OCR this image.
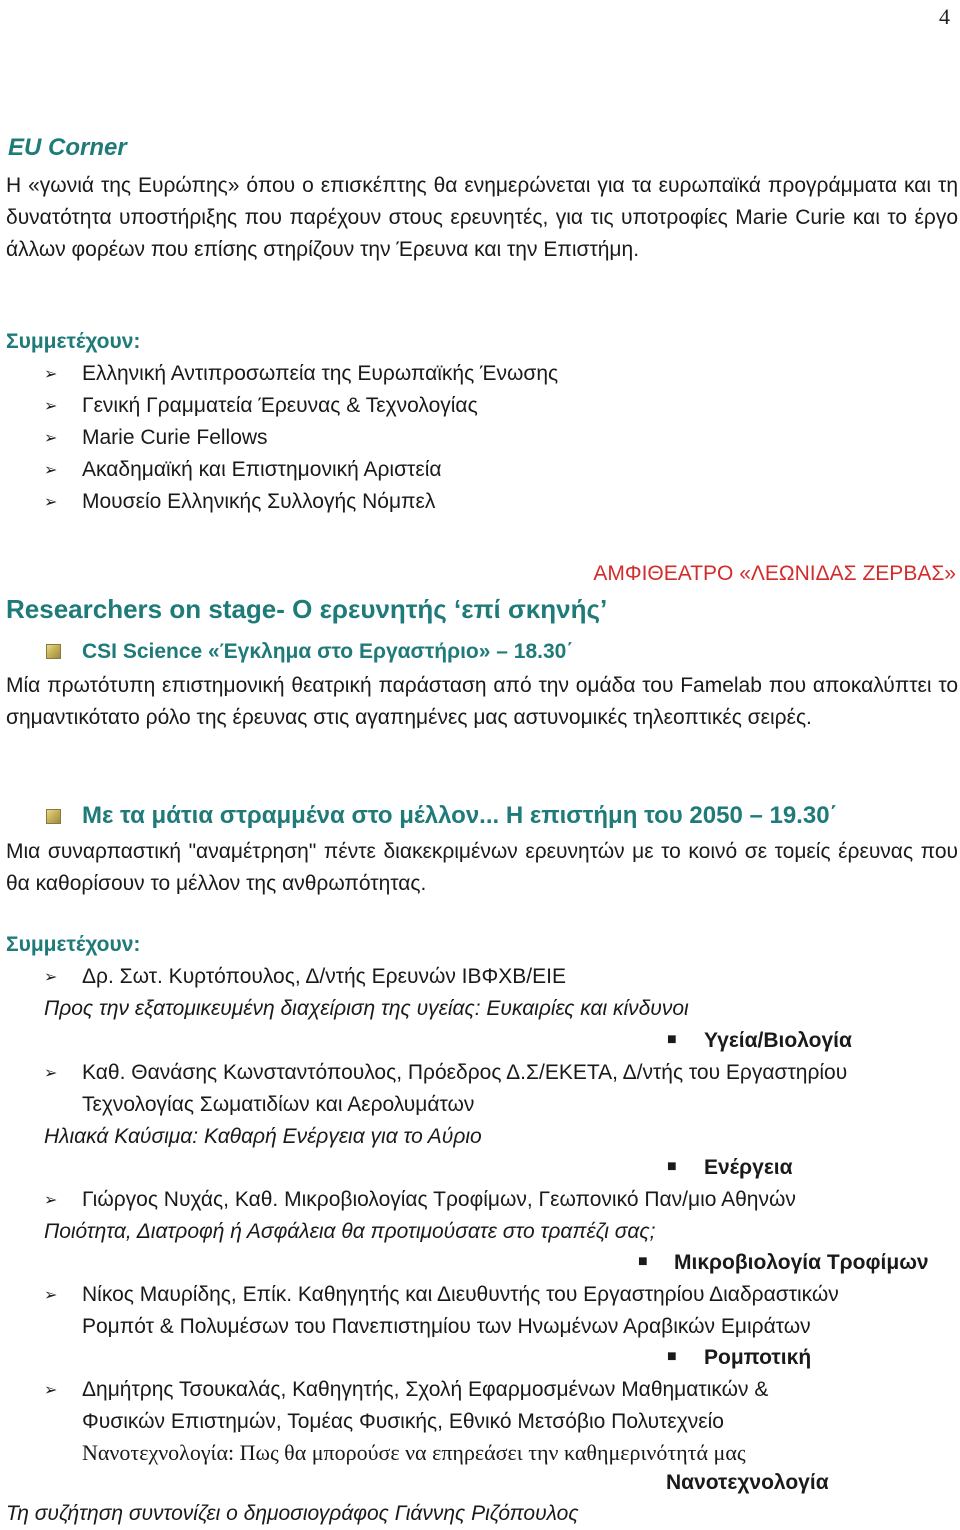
4
EU Corner
Η «γωνιά της Ευρώπης» όπου ο επισκέπτης θα ενημερώνεται για τα ευρωπαϊκά προγράμματα και τη δυνατότητα υποστήριξης που παρέχουν στους ερευνητές, για τις υποτροφίες Marie Curie και το έργο άλλων φορέων που επίσης στηρίζουν την Έρευνα και την Επιστήμη.
Συμμετέχουν:
➢ Ελληνική Αντιπροσωπεία της Ευρωπαϊκής Ένωσης
➢ Γενική Γραμματεία Έρευνας & Τεχνολογίας
➢ Marie Curie Fellows
➢ Ακαδημαϊκή και Επιστημονική Αριστεία
➢ Μουσείο Ελληνικής Συλλογής Νόμπελ
ΑΜΦΙΘΕΑΤΡΟ «ΛΕΩΝΙΔΑΣ ΖΕΡΒΑΣ»
Researchers on stage- Ο ερευνητής ‘επί σκηνής’
CSI Science «Έγκλημα στο Εργαστήριο» – 18.30΄
Μία πρωτότυπη επιστημονική θεατρική παράσταση από την ομάδα του Famelab που αποκαλύπτει το σημαντικότατο ρόλο της έρευνας στις αγαπημένες μας αστυνομικές τηλεοπτικές σειρές.
Με τα μάτια στραμμένα στο μέλλον... Η επιστήμη του 2050 – 19.30΄
Μια συναρπαστική "αναμέτρηση" πέντε διακεκριμένων ερευνητών με το κοινό σε τομείς έρευνας που θα καθορίσουν το μέλλον της ανθρωπότητας.
Συμμετέχουν:
➢ Δρ. Σωτ. Κυρτόπουλος, Δ/ντής Ερευνών ΙΒΦΧΒ/ΕΙΕ
Προς την εξατομικευμένη διαχείριση της υγείας: Ευκαιρίες και κίνδυνοι
■ Υγεία/Βιολογία
➢ Καθ. Θανάσης Κωνσταντόπουλος, Πρόεδρος Δ.Σ/ΕΚΕΤΑ, Δ/ντής του Εργαστηρίου
Τεχνολογίας Σωματιδίων και Αερολυμάτων
Ηλιακά Καύσιμα: Καθαρή Ενέργεια για το Αύριο
■ Ενέργεια
➢ Γιώργος Νυχάς, Καθ. Μικροβιολογίας Τροφίμων, Γεωπονικό Παν/μιο Αθηνών
Ποιότητα, Διατροφή ή Ασφάλεια θα προτιμούσατε στο τραπέζι σας;
■ Μικροβιολογία Τροφίμων
➢ Νίκος Μαυρίδης, Επίκ. Καθηγητής και Διευθυντής του Εργαστηρίου Διαδραστικών
Ρομπότ & Πολυμέσων του Πανεπιστημίου των Ηνωμένων Αραβικών Εμιράτων
■ Ρομποτική
➢ Δημήτρης Τσουκαλάς, Καθηγητής, Σχολή Εφαρμοσμένων Μαθηματικών &
Φυσικών Επιστημών, Τομέας Φυσικής, Εθνικό Μετσόβιο Πολυτεχνείο
Νανοτεχνολογία: Πως θα μπορούσε να επηρεάσει την καθημερινότητά μας
Νανοτεχνολογία
Τη συζήτηση συντονίζει ο δημοσιογράφος Γιάννης Ριζόπουλος
